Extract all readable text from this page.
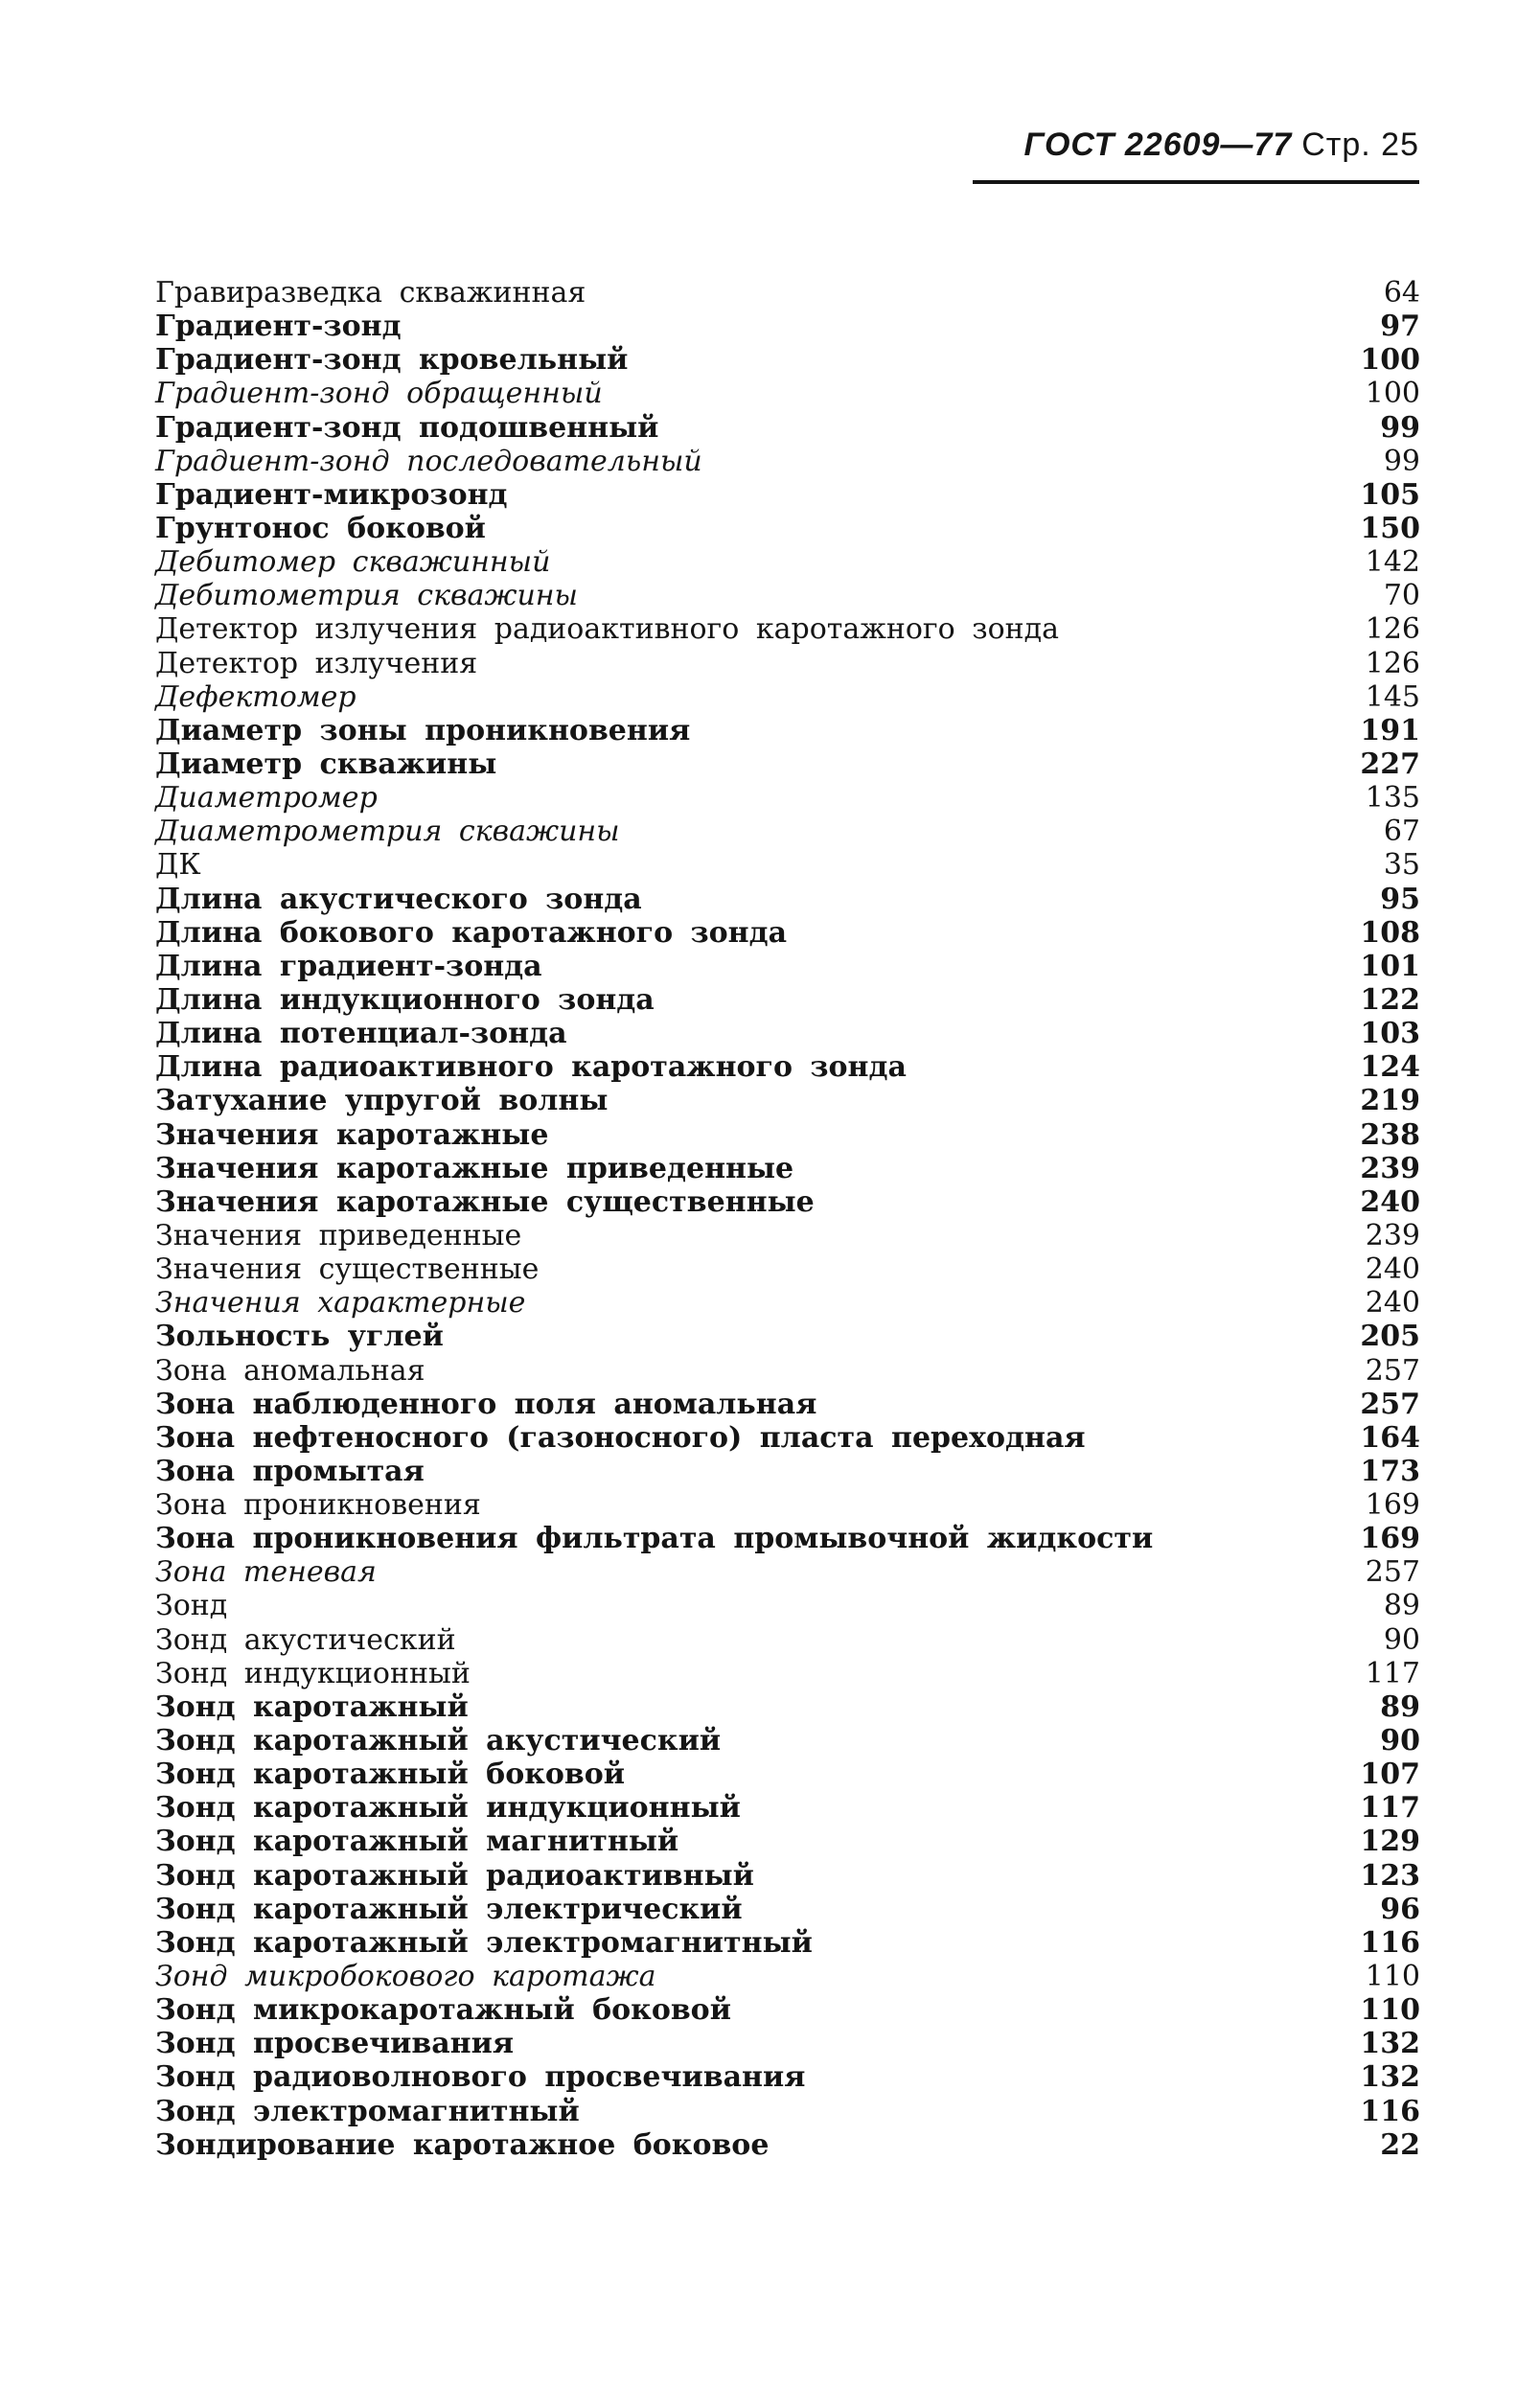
ГОСТ 22609—77 Стр. 25
Гравиразведка скважинная	64
Градиент-зонд	97
Градиент-зонд кровельный	100
Градиент-зонд обращенный	100
Градиент-зонд подошвенный	99
Градиент-зонд последовательный	99
Градиент-микрозонд	105
Грунтонос боковой	150
Дебитомер скважинный	142
Дебитометрия скважины	70
Детектор излучения радиоактивного каротажного зонда	126
Детектор излучения	126
Дефектомер	145
Диаметр зоны проникновения	191
Диаметр скважины	227
Диаметромер	135
Диаметрометрия скважины	67
ДК	35
Длина акустического зонда	95
Длина бокового каротажного зонда	108
Длина градиент-зонда	101
Длина индукционного зонда	122
Длина потенциал-зонда	103
Длина радиоактивного каротажного зонда	124
Затухание упругой волны	219
Значения каротажные	238
Значения каротажные приведенные	239
Значения каротажные существенные	240
Значения приведенные	239
Значения существенные	240
Значения характерные	240
Зольность углей	205
Зона аномальная	257
Зона наблюденного поля аномальная	257
Зона нефтеносного (газоносного) пласта переходная	164
Зона промытая	173
Зона проникновения	169
Зона проникновения фильтрата промывочной жидкости	169
Зона теневая	257
Зонд	89
Зонд акустический	90
Зонд индукционный	117
Зонд каротажный	89
Зонд каротажный акустический	90
Зонд каротажный боковой	107
Зонд каротажный индукционный	117
Зонд каротажный магнитный	129
Зонд каротажный радиоактивный	123
Зонд каротажный электрический	96
Зонд каротажный электромагнитный	116
Зонд микробокового каротажа	110
Зонд микрокаротажный боковой	110
Зонд просвечивания	132
Зонд радиоволнового просвечивания	132
Зонд электромагнитный	116
Зондирование каротажное боковое	22
